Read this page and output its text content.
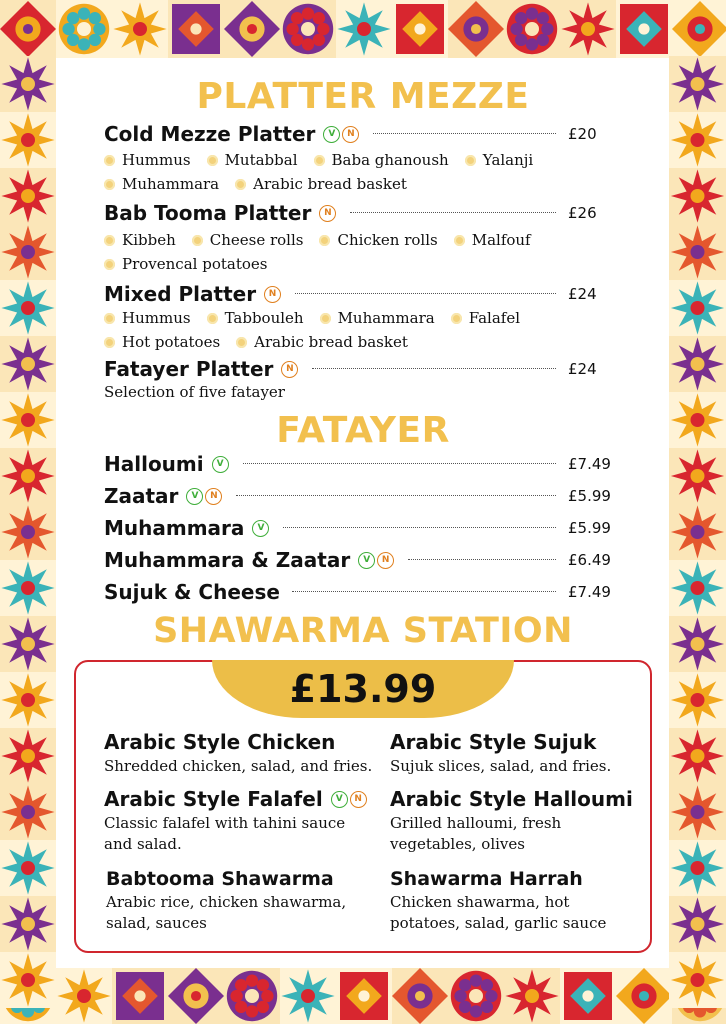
PLATTER MEZZE
Cold Mezze Platter	V	N	£20
Hummus Mutabbal Baba ghanoush Yalanji
Muhammara Arabic bread basket
Bab Tooma Platter	N	£26
Kibbeh Cheese rolls Chicken rolls Malfouf
Provencal potatoes
Mixed Platter	N	£24
Hummus Tabbouleh Muhammara Falafel
Hot potatoes Arabic bread basket
Fatayer Platter	N	£24
Selection of five fatayer
FATAYER
Halloumi	V	£7.49
Zaatar	V	N	£5.99
Muhammara	V	£5.99
Muhammara & Zaatar	V	N	£6.49
Sujuk & Cheese	£7.49
SHAWARMA STATION
£13.99
Arabic Style Chicken
Shredded chicken, salad, and fries.
Arabic Style Sujuk
Sujuk slices, salad, and fries.
Arabic Style Falafel	V	N
Classic falafel with tahini sauce and salad.
Arabic Style Halloumi
Grilled halloumi, fresh vegetables, olives
Babtooma Shawarma
Arabic rice, chicken shawarma, salad, sauces
Shawarma Harrah
Chicken shawarma, hot potatoes, salad, garlic sauce
